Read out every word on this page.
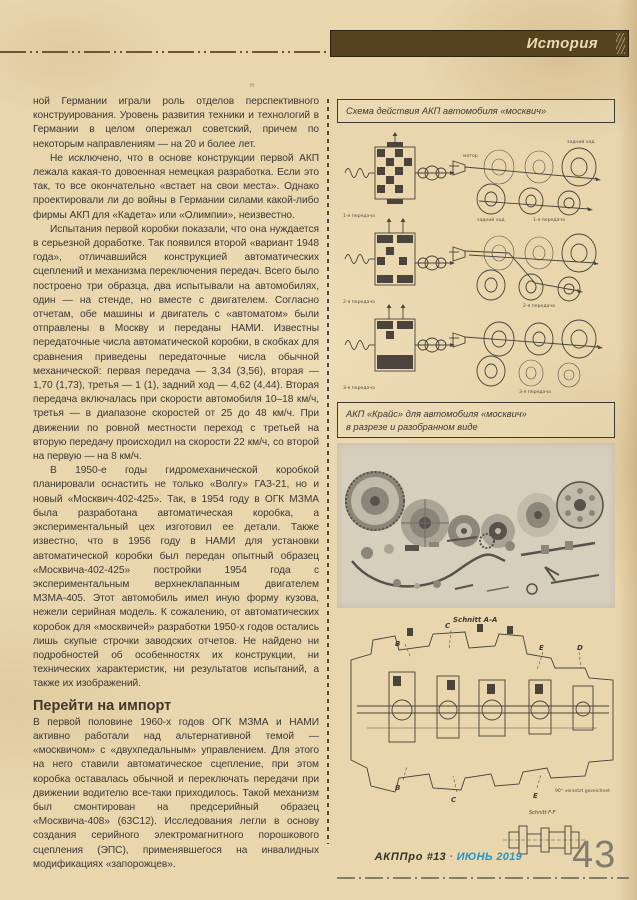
История
н

ной Германии играли роль отделов перспективного конструирования. Уровень развития техники и технологий в Германии в целом опережал советский, причем по некоторым направлениям — на 20 и более лет.

Не исключено, что в основе конструкции первой АКП лежала какая-то довоенная немецкая разработка. Если это так, то все окончательно «встает на свои места». Однако проектировали ли до войны в Германии силами какой-либо фирмы АКП для «Кадета» или «Олимпии», неизвестно.

Испытания первой коробки показали, что она нуждается в серьезной доработке. Так появился второй «вариант 1948 года», отличавшийся конструкцией автоматических сцеплений и механизма переключения передач. Всего было построено три образца, два испытывали на автомобилях, один — на стенде, но вместе с двигателем. Согласно отчетам, обе машины и двигатель с «автоматом» были отправлены в Москву и переданы НАМИ. Известны передаточные числа автоматической коробки, в скобках для сравнения приведены передаточные числа обычной механической: первая передача — 3,34 (3,56), вторая — 1,70 (1,73), третья — 1 (1), задний ход — 4,62 (4,44). Вторая передача включалась при скорости автомобиля 10–18 км/ч, третья — в диапазоне скоростей от 25 до 48 км/ч. При движении по ровной местности переход с третьей на вторую передачу происходил на скорости 22 км/ч, со второй на первую — на 8 км/ч.

В 1950-е годы гидромеханической коробкой планировали оснастить не только «Волгу» ГАЗ-21, но и новый «Москвич-402-425». Так, в 1954 году в ОГК МЗМА была разработана автоматическая коробка, а экспериментальный цех изготовил ее детали. Также известно, что в 1956 году в НАМИ для установки автоматической коробки был передан опытный образец «Москвича-402-425» постройки 1954 года с экспериментальным верхнеклапанным двигателем МЗМА-405. Этот автомобиль имел иную форму кузова, нежели серийная модель. К сожалению, от автоматических коробок для «москвичей» разработки 1950-х годов остались лишь скупые строчки заводских отчетов. Не найдено ни подробностей об особенностях их конструкции, ни технических характеристик, ни результатов испытаний, а также их изображений.

Перейти на импорт

В первой половине 1960-х годов ОГК МЗМА и НАМИ активно работали над альтернативной темой — «москвичом» с «двухпедальным» управлением. Для этого на него ставили автоматическое сцепление, при этом коробка оставалась обычной и переключать передачи при движении водителю все-таки приходилось. Такой механизм был смонтирован на предсерийный образец «Москвича-408» (63С12). Исследования легли в основу создания серийного электромагнитного порошкового сцепления (ЭПС), применявшегося на инвалидных модификациях «запорожцев».

Схема действия АКП автомобиля «москвич»
1-я передача
2-я передача
3-я передача
мотор
задний ход
задний ход	1-я передача
2-я передача
3-я передача
АКП «Крайс» для автомобиля «москвич»
в разрезе и разобранном виде
Schnitt A-A
B
C
E	D
B
C	E
90° versetzt gezeichnet
Schnitt F-F
АКППро #13 · ИЮНЬ 2019 43
